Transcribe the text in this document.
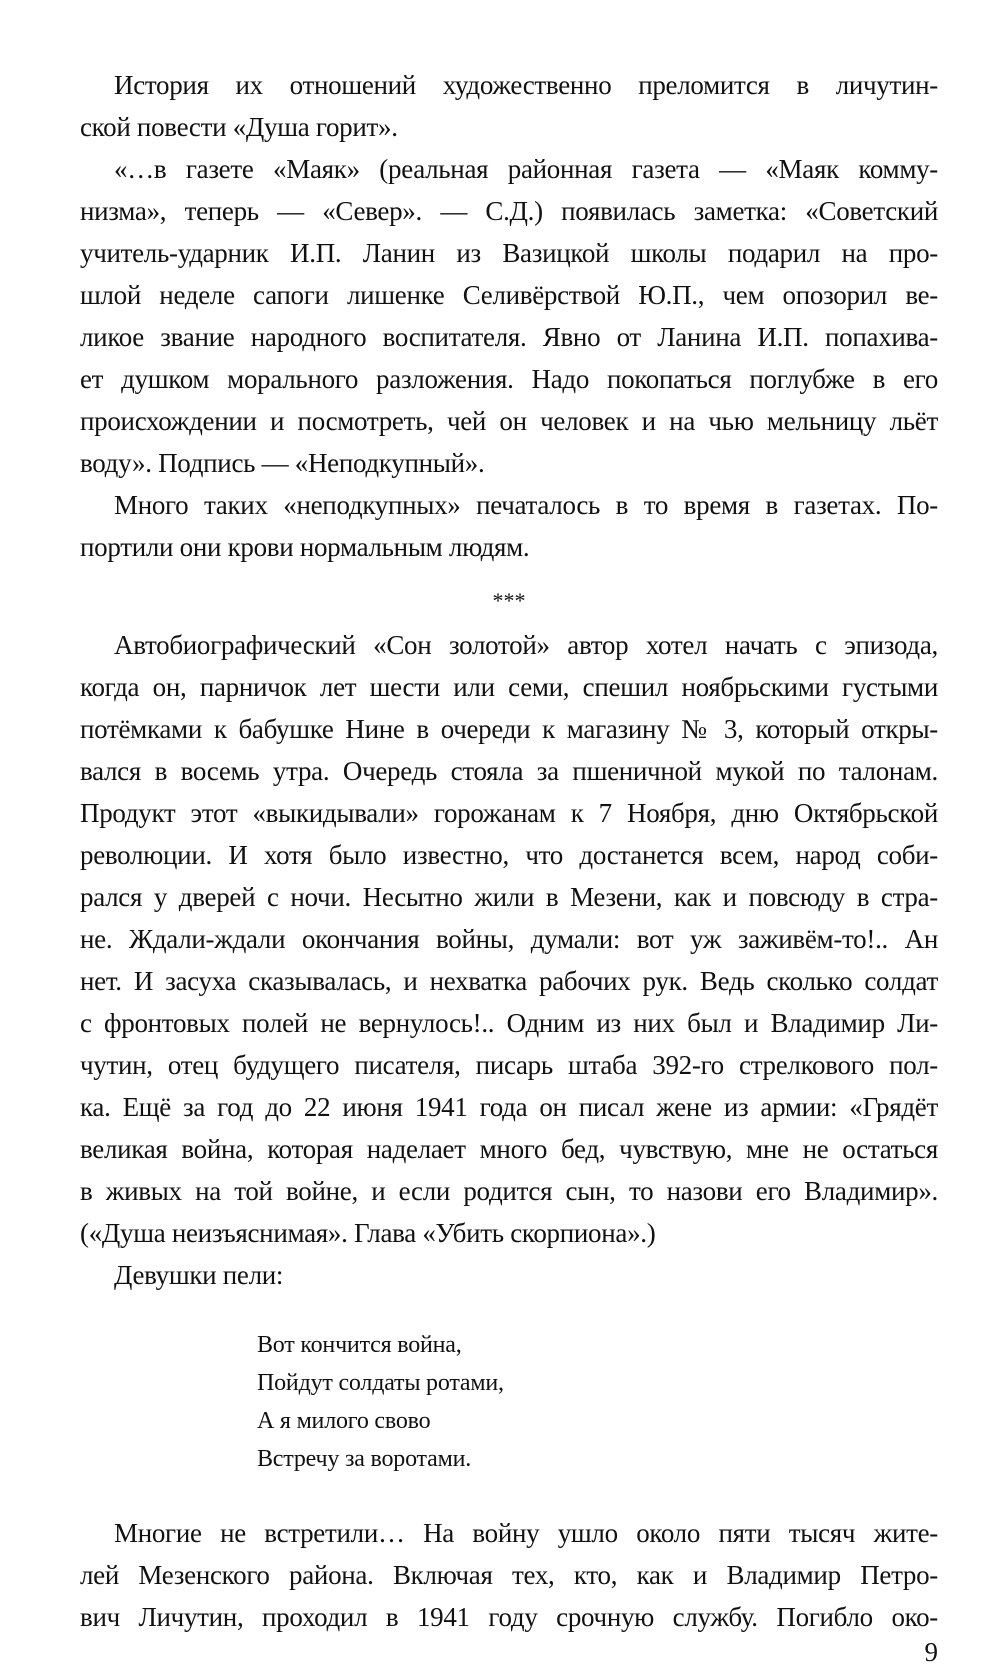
История их отношений художественно преломится в личутин-
ской повести «Душа горит».
«…в газете «Маяк» (реальная районная газета — «Маяк комму-
низма», теперь — «Север». — С.Д.) появилась заметка: «Советский
учитель-ударник И.П. Ланин из Вазицкой школы подарил на про-
шлой неделе сапоги лишенке Селивёрствой Ю.П., чем опозорил ве-
ликое звание народного воспитателя. Явно от Ланина И.П. попахива-
ет душком морального разложения. Надо покопаться поглубже в его
происхождении и посмотреть, чей он человек и на чью мельницу льёт
воду». Подпись — «Неподкупный».
Много таких «неподкупных» печаталось в то время в газетах. По-
портили они крови нормальным людям.
***
Автобиографический «Сон золотой» автор хотел начать с эпизода,
когда он, парничок лет шести или семи, спешил ноябрьскими густыми
потёмками к бабушке Нине в очереди к магазину № 3, который откры-
вался в восемь утра. Очередь стояла за пшеничной мукой по талонам.
Продукт этот «выкидывали» горожанам к 7 Ноября, дню Октябрьской
революции. И хотя было известно, что достанется всем, народ соби-
рался у дверей с ночи. Несытно жили в Мезени, как и повсюду в стра-
не. Ждали-ждали окончания войны, думали: вот уж заживём-то!.. Ан
нет. И засуха сказывалась, и нехватка рабочих рук. Ведь сколько солдат
с фронтовых полей не вернулось!.. Одним из них был и Владимир Ли-
чутин, отец будущего писателя, писарь штаба 392-го стрелкового пол-
ка. Ещё за год до 22 июня 1941 года он писал жене из армии: «Грядёт
великая война, которая наделает много бед, чувствую, мне не остаться
в живых на той войне, и если родится сын, то назови его Владимир».
(«Душа неизъяснимая». Глава «Убить скорпиона».)
Девушки пели:
Вот кончится война,
Пойдут солдаты ротами,
А я милого свово
Встречу за воротами.
Многие не встретили… На войну ушло около пяти тысяч жите-
лей Мезенского района. Включая тех, кто, как и Владимир Петро-
вич Личутин, проходил в 1941 году срочную службу. Погибло око-
9
